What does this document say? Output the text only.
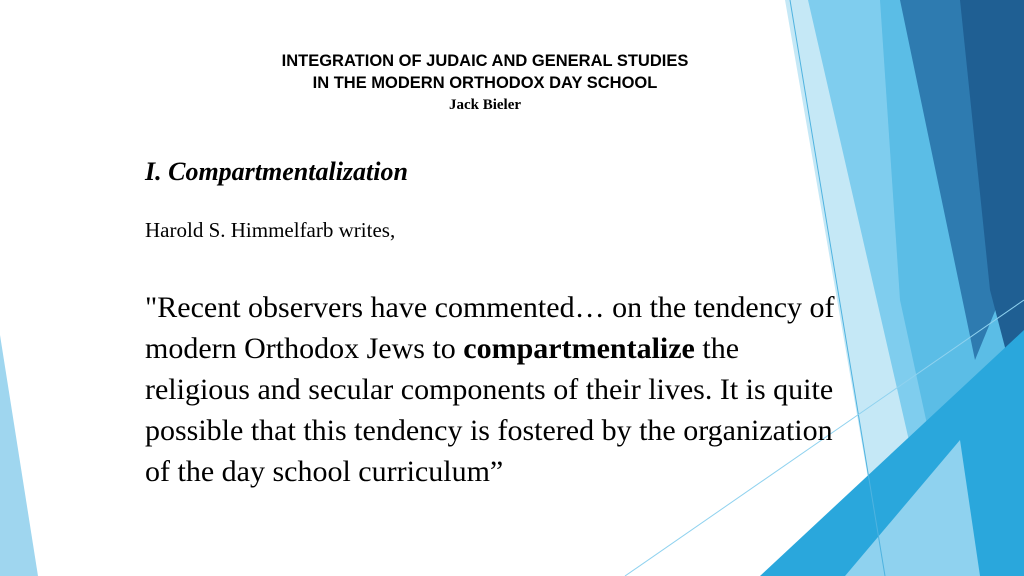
INTEGRATION OF JUDAIC AND GENERAL STUDIES
IN THE MODERN ORTHODOX DAY SCHOOL
Jack Bieler
I. Compartmentalization
Harold S. Himmelfarb writes,
"Recent observers have commented… on the tendency of modern Orthodox Jews to compartmentalize the religious and secular components of their lives. It is quite possible that this tendency is fostered by the organization of the day school curriculum”
